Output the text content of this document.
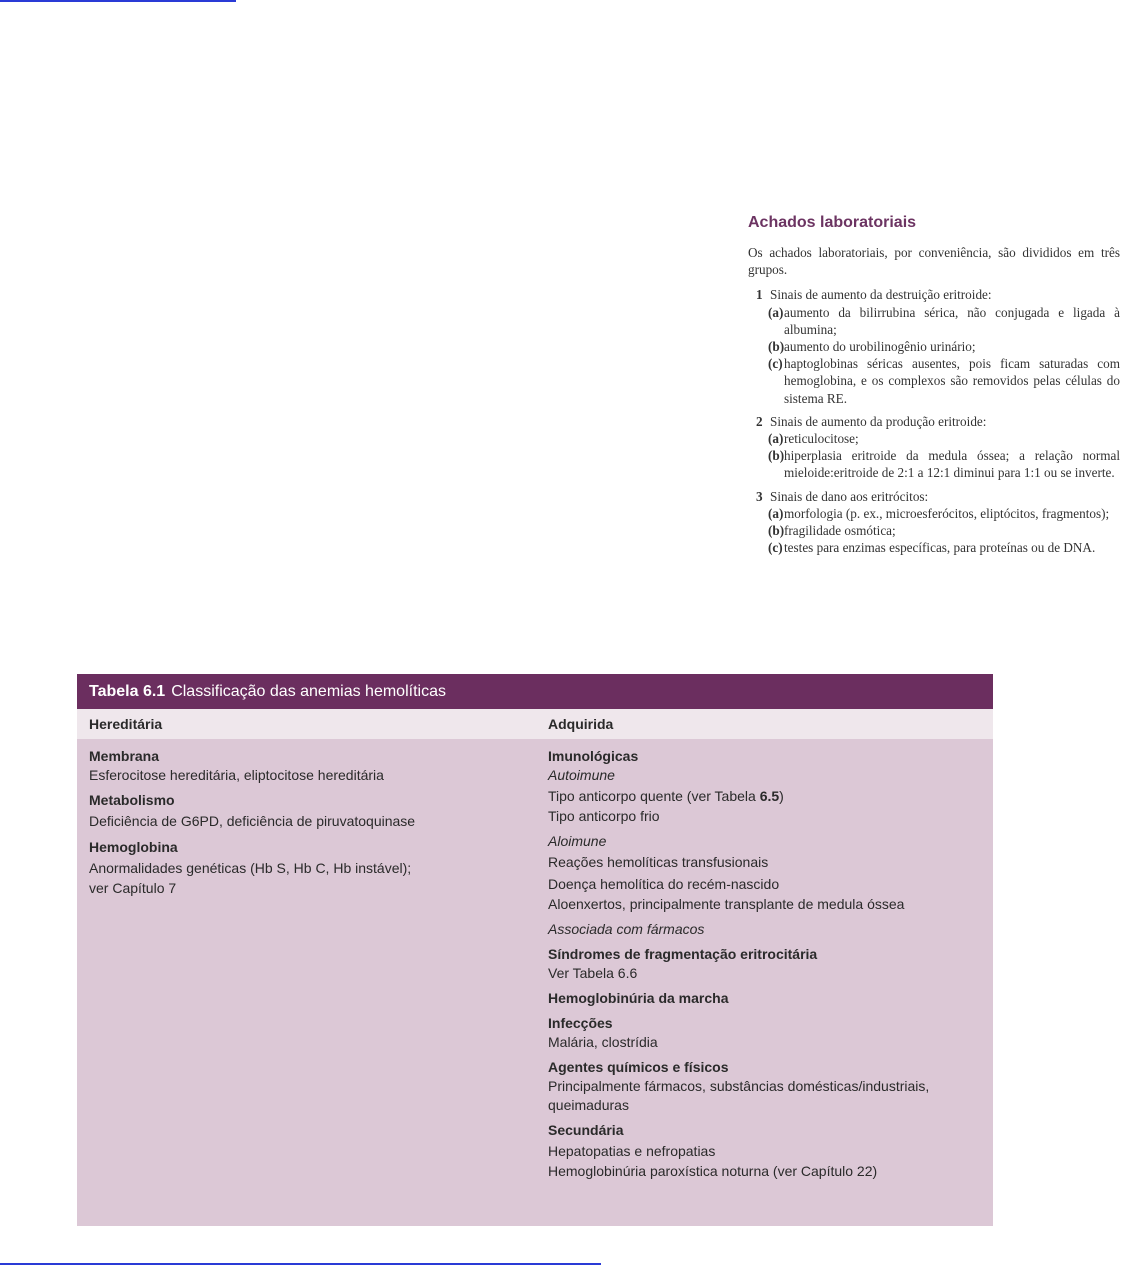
Achados laboratoriais

Os achados laboratoriais, por conveniência, são divididos em três grupos.

1 Sinais de aumento da destruição eritroide:
(a) aumento da bilirrubina sérica, não conjugada e ligada à albumina;
(b) aumento do urobilinogênio urinário;
(c) haptoglobinas séricas ausentes, pois ficam saturadas com hemoglobina, e os complexos são removidos pelas células do sistema RE.
2 Sinais de aumento da produção eritroide:
(a) reticulocitose;
(b) hiperplasia eritroide da medula óssea; a relação normal mieloide:eritroide de 2:1 a 12:1 diminui para 1:1 ou se inverte.
3 Sinais de dano aos eritrócitos:
(a) morfologia (p. ex., microesferócitos, eliptócitos, fragmentos);
(b) fragilidade osmótica;
(c) testes para enzimas específicas, para proteínas ou de DNA.
Tabela 6.1 Classificação das anemias hemolíticas
Hereditária	Adquirida
Membrana
Esferocitose hereditária, eliptocitose hereditária
Metabolismo
Deficiência de G6PD, deficiência de piruvatoquinase
Hemoglobina
Anormalidades genéticas (Hb S, Hb C, Hb instável);
ver Capítulo 7
Imunológicas
Autoimune
Tipo anticorpo quente (ver Tabela 6.5)
Tipo anticorpo frio
Aloimune
Reações hemolíticas transfusionais
Doença hemolítica do recém-nascido
Aloenxertos, principalmente transplante de medula óssea
Associada com fármacos
Síndromes de fragmentação eritrocitária
Ver Tabela 6.6
Hemoglobinúria da marcha
Infecções
Malária, clostrídia
Agentes químicos e físicos
Principalmente fármacos, substâncias domésticas/industriais, queimaduras
Secundária
Hepatopatias e nefropatias
Hemoglobinúria paroxística noturna (ver Capítulo 22)
